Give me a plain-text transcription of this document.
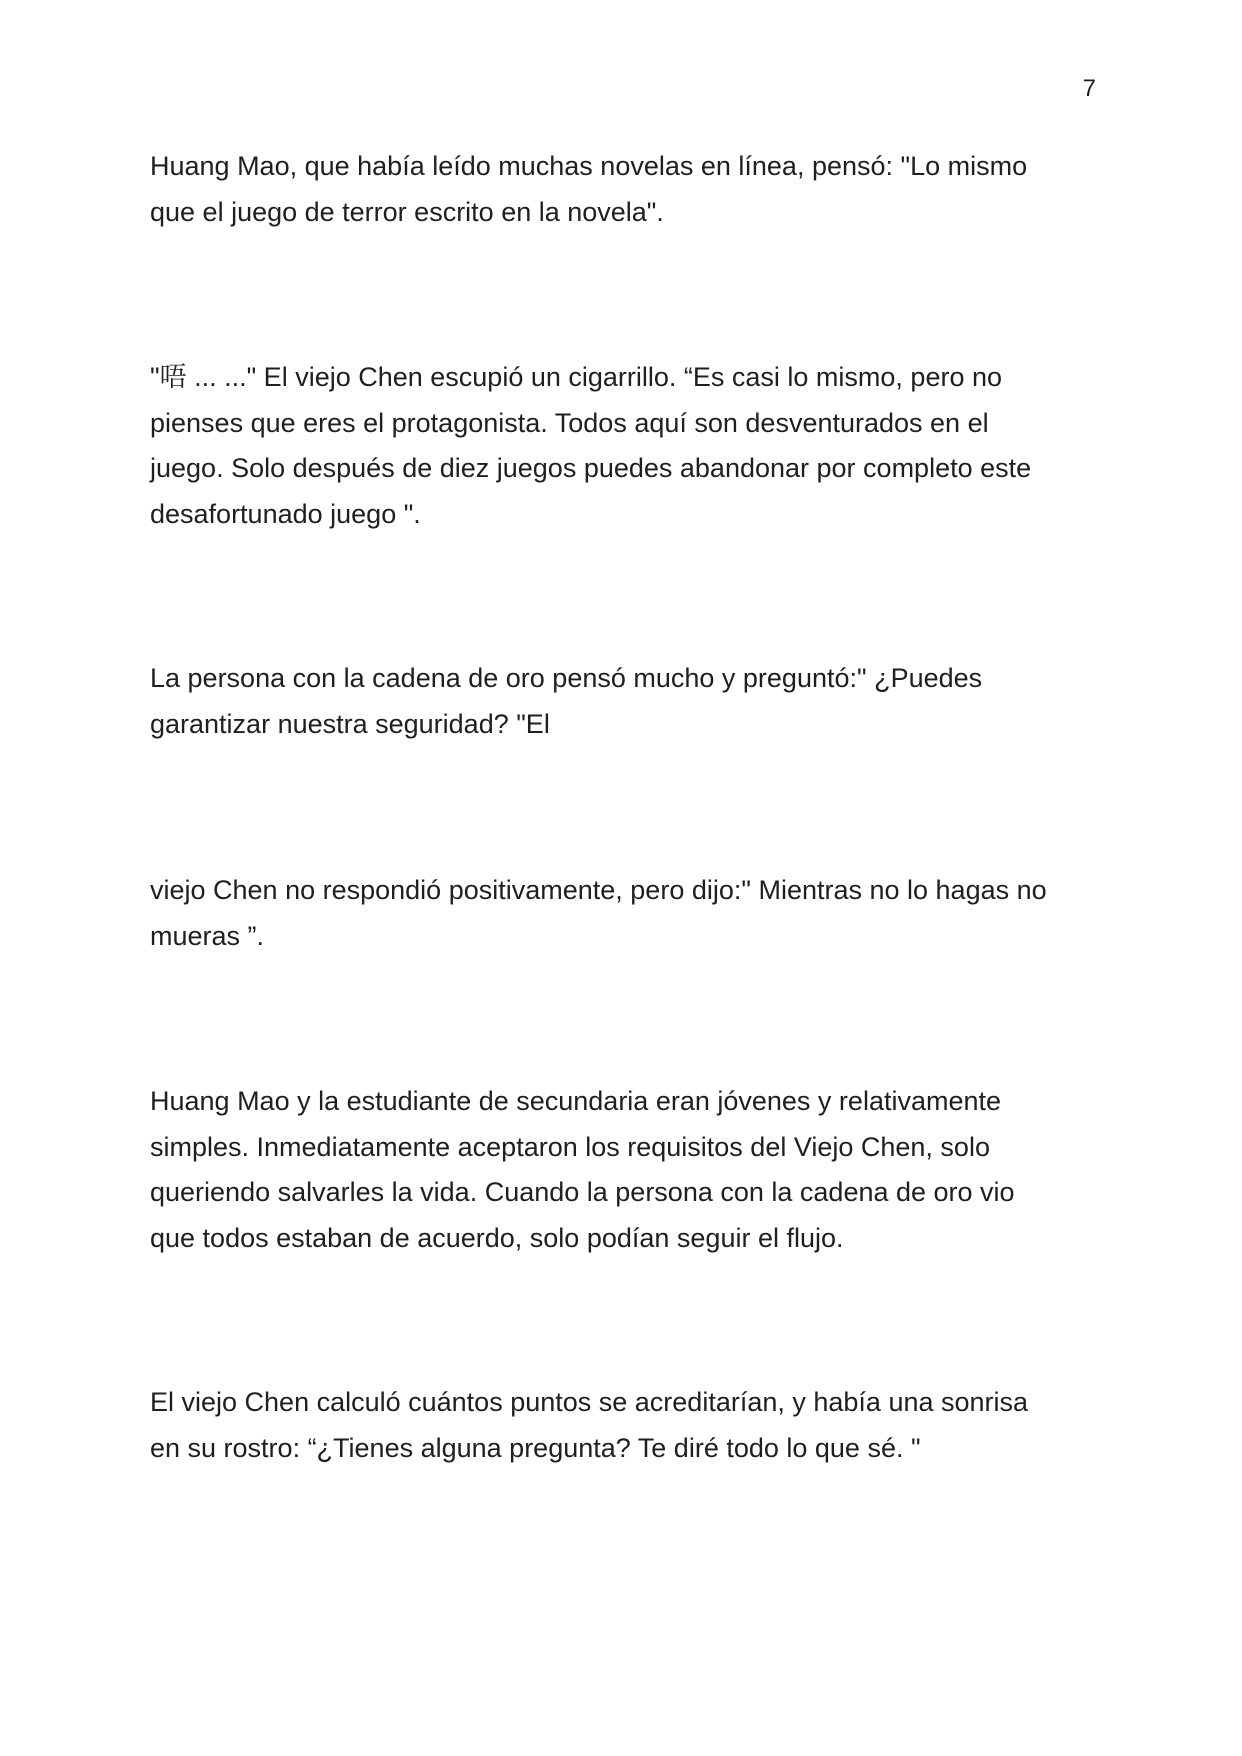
7

Huang Mao, que había leído muchas novelas en línea, pensó: "Lo mismo
que el juego de terror escrito en la novela".

"唔 ... ..." El viejo Chen escupió un cigarrillo. “Es casi lo mismo, pero no
pienses que eres el protagonista. Todos aquí son desventurados en el
juego. Solo después de diez juegos puedes abandonar por completo este
desafortunado juego ".

La persona con la cadena de oro pensó mucho y preguntó:" ¿Puedes
garantizar nuestra seguridad? "El

viejo Chen no respondió positivamente, pero dijo:" Mientras no lo hagas no
mueras ”.

Huang Mao y la estudiante de secundaria eran jóvenes y relativamente
simples. Inmediatamente aceptaron los requisitos del Viejo Chen, solo
queriendo salvarles la vida. Cuando la persona con la cadena de oro vio
que todos estaban de acuerdo, solo podían seguir el flujo.

El viejo Chen calculó cuántos puntos se acreditarían, y había una sonrisa
en su rostro: “¿Tienes alguna pregunta? Te diré todo lo que sé. "
